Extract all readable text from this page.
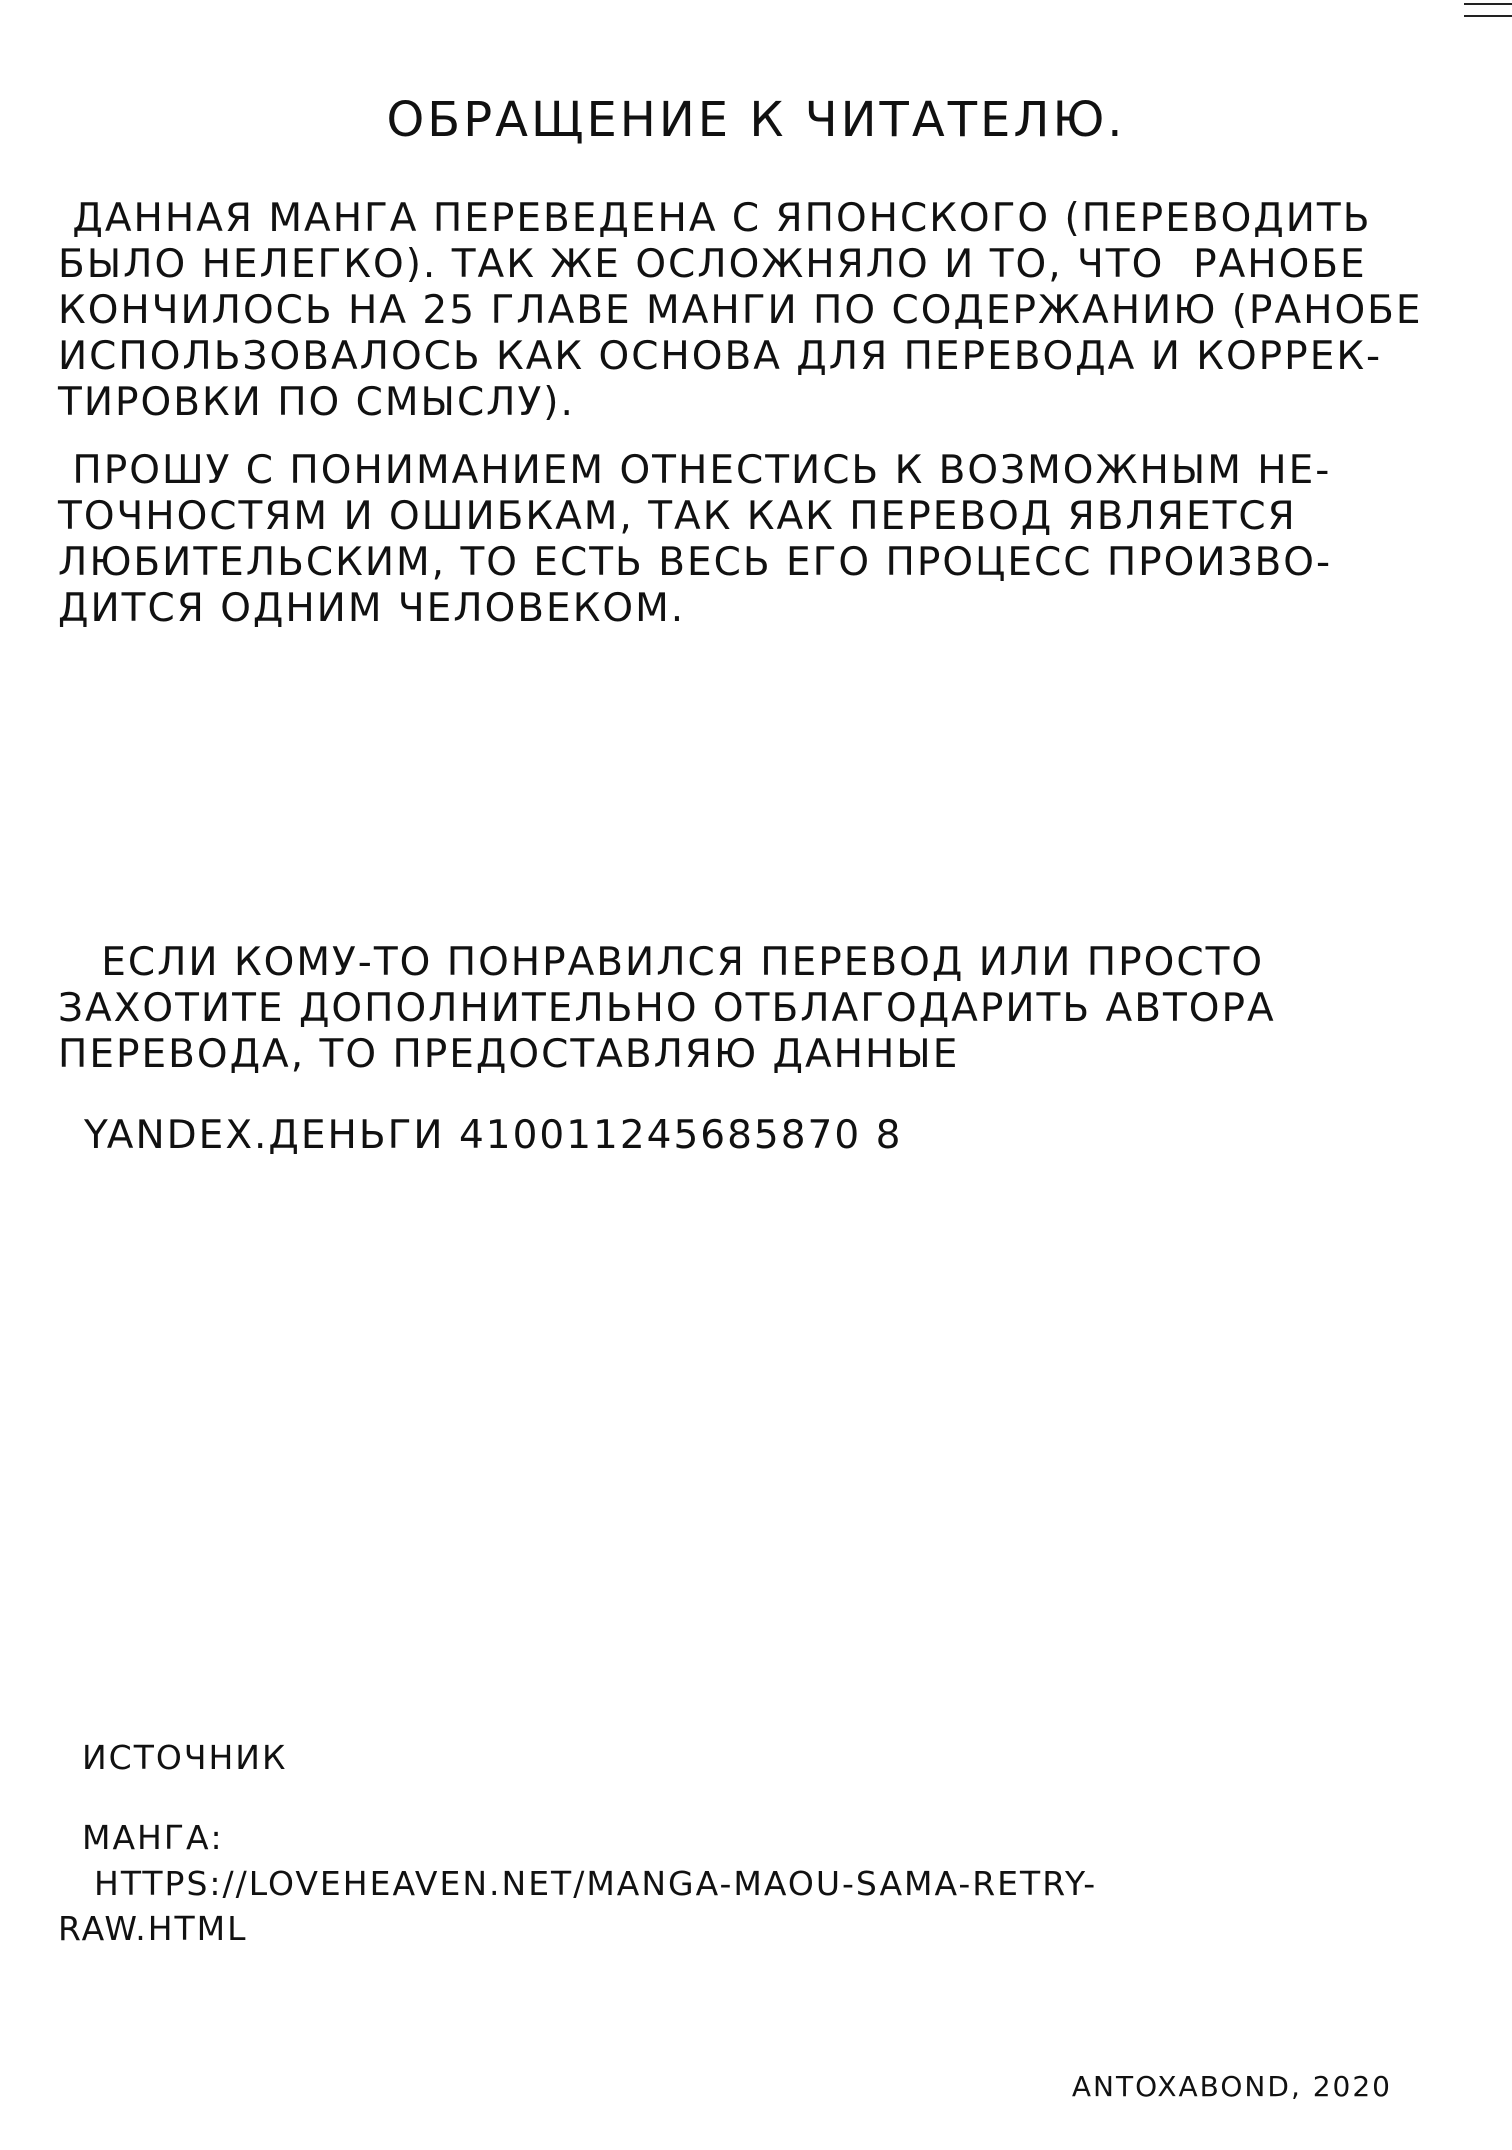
ОБРАЩЕНИЕ К ЧИТАТЕЛЮ.

ДАННАЯ МАНГА ПЕРЕВЕДЕНА С ЯПОНСКОГО (ПЕРЕВОДИТЬ
БЫЛО НЕЛЕГКО). ТАК ЖЕ ОСЛОЖНЯЛО И ТО, ЧТО  РАНОБЕ
КОНЧИЛОСЬ НА 25 ГЛАВЕ МАНГИ ПО СОДЕРЖАНИЮ (РАНОБЕ
ИСПОЛЬЗОВАЛОСЬ КАК ОСНОВА ДЛЯ ПЕРЕВОДА И КОРРЕК-
ТИРОВКИ ПО СМЫСЛУ).

ПРОШУ С ПОНИМАНИЕМ ОТНЕСТИСЬ К ВОЗМОЖНЫМ НЕ-
ТОЧНОСТЯМ И ОШИБКАМ, ТАК КАК ПЕРЕВОД ЯВЛЯЕТСЯ
ЛЮБИТЕЛЬСКИМ, ТО ЕСТЬ ВЕСЬ ЕГО ПРОЦЕСС ПРОИЗВО-
ДИТСЯ ОДНИМ ЧЕЛОВЕКОМ.

ЕСЛИ КОМУ-ТО ПОНРАВИЛСЯ ПЕРЕВОД ИЛИ ПРОСТО
ЗАХОТИТЕ ДОПОЛНИТЕЛЬНО ОТБЛАГОДАРИТЬ АВТОРА
ПЕРЕВОДА, ТО ПРЕДОСТАВЛЯЮ ДАННЫЕ

YANDEX.ДЕНЬГИ 410011245685870 8
ИСТОЧНИК
МАНГА:
HTTPS://LOVEHEAVEN.NET/MANGA-MAOU-SAMA-RETRY-
RAW.HTML
ANTOXABOND, 2020
